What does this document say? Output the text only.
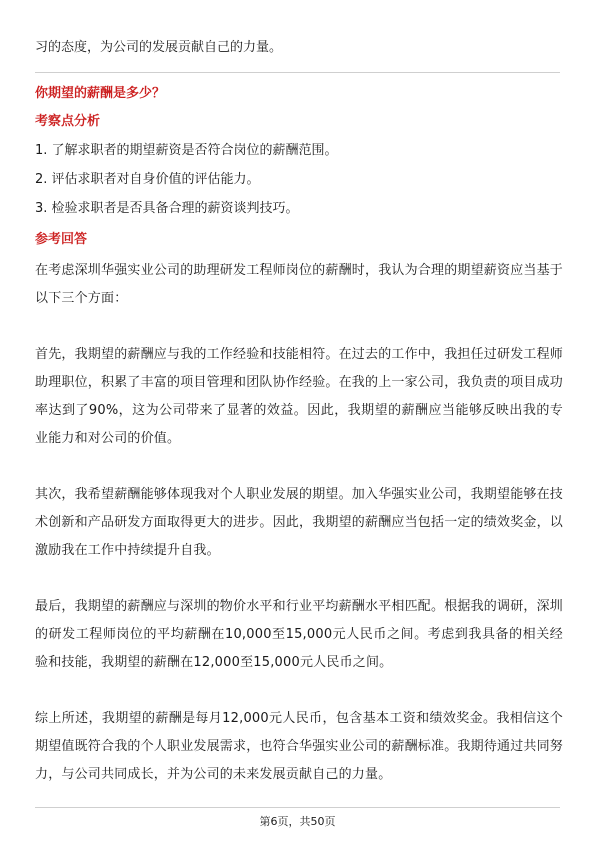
习的态度，为公司的发展贡献自己的力量。

你期望的薪酬是多少？

考察点分析

1. 了解求职者的期望薪资是否符合岗位的薪酬范围。

2. 评估求职者对自身价值的评估能力。

3. 检验求职者是否具备合理的薪资谈判技巧。

参考回答

在考虑深圳华强实业公司的助理研发工程师岗位的薪酬时，我认为合理的期望薪资应当基于以下三个方面：

首先，我期望的薪酬应与我的工作经验和技能相符。在过去的工作中，我担任过研发工程师助理职位，积累了丰富的项目管理和团队协作经验。在我的上一家公司，我负责的项目成功率达到了90%，这为公司带来了显著的效益。因此，我期望的薪酬应当能够反映出我的专业能力和对公司的价值。

其次，我希望薪酬能够体现我对个人职业发展的期望。加入华强实业公司，我期望能够在技术创新和产品研发方面取得更大的进步。因此，我期望的薪酬应当包括一定的绩效奖金，以激励我在工作中持续提升自我。

最后，我期望的薪酬应与深圳的物价水平和行业平均薪酬水平相匹配。根据我的调研，深圳的研发工程师岗位的平均薪酬在10,000至15,000元人民币之间。考虑到我具备的相关经验和技能，我期望的薪酬在12,000至15,000元人民币之间。

综上所述，我期望的薪酬是每月12,000元人民币，包含基本工资和绩效奖金。我相信这个期望值既符合我的个人职业发展需求，也符合华强实业公司的薪酬标准。我期待通过共同努力，与公司共同成长，并为公司的未来发展贡献自己的力量。

第6页，共50页
